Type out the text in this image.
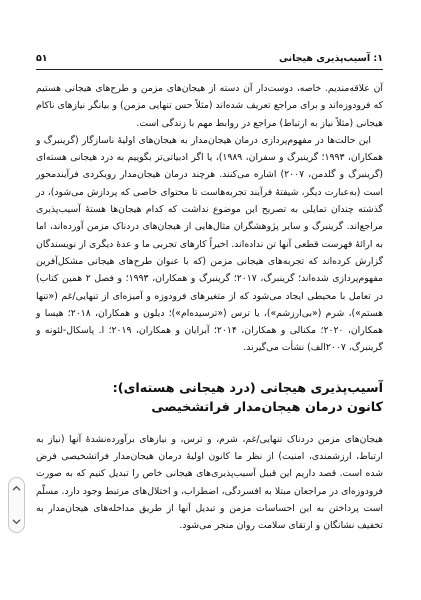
۱: آسیب‌پذیری هیجانی
۵۱

آن علاقه‌مندیم. خاصه، دوست‌دار آن دسته از هیجان‌های مزمن و طرح‌های هیجانی هستیم که فرودوزه‌اند و برای مراجع تعریف شده‌اند (مثلاً حس تنهایی مزمن) و بیانگر نیازهای ناکام هیجانی (مثلاً نیاز به ارتباط) مراجع در روابط مهم با زندگی است.

این حالت‌ها در مفهوم‌پردازی درمان هیجان‌مدار به هیجان‌های اولیهٔ ناسازگار (گرینبرگ و همکاران، ۱۹۹۳؛ گرینبرگ و سفران، ۱۹۸۹)، یا اگر ادبیاتی‌تر بگوییم به درد هیجانی هسته‌ای (گرینبرگ و گلدمن، ۲۰۰۷) اشاره می‌کنند. هرچند درمان هیجان‌مدار رویکردی فرآیندمحور است (به‌عبارت دیگر، شیفتهٔ فرآیند تجربه‌هاست تا محتوای خاصی که پردازش می‌شود)، در گذشته چندان تمایلی به تصریح این موضوع نداشت که کدام هیجان‌ها هستهٔ آسیب‌پذیری مراجع‌اند. گرینبرگ و سایر پژوهشگران مثال‌هایی از هیجان‌های دردناک مزمن آورده‌اند، اما به ارائهٔ فهرست قطعی آنها تن نداده‌اند. اخیراً کارهای تجربی ما و عدهٔ دیگری از نویسندگان گزارش کرده‌اند که تجربه‌های هیجانی مزمن (که با عنوان طرح‌های هیجانی مشکل‌آفرین مفهوم‌پردازی شده‌اند؛ گرینبرگ، ۲۰۱۷؛ گرینبرگ و همکاران، ۱۹۹۳؛ و فصل ۲ همین کتاب) در تعامل با محیطی ایجاد می‌شود که از متغیرهای فرودوزه و آمیزه‌ای از تنهایی/غم («تنها هستم»)، شرم («بی‌ارزشم»)، یا ترس («ترسیده‌ام»)؛ دیلون و همکاران، ۲۰۱۸؛ هیسا و همکاران، ۲۰۲۰؛ مکنالی و همکاران، ۲۰۱۴؛ آبرایان و همکاران، ۲۰۱۹؛ ا. پاسکال-لئونه و گرینبرگ، ۲۰۰۷الف) نشأت می‌گیرند.

آسیب‌پذیری هیجانی (درد هیجانی هسته‌ای):
کانون درمان هیجان‌مدار فراتشخیصی

هیجان‌های مزمن دردناک تنهایی/غم، شرم، و ترس، و نیازهای برآورده‌نشدهٔ آنها (نیاز به ارتباط، ارزشمندی، امنیت) از نظر ما کانون اولیهٔ درمان هیجان‌مدار فراتشخیصی فرض شده است. قصد داریم این قبیل آسیب‌پذیری‌های هیجانی خاص را تبدیل کنیم که به صورت فرودوزه‌ای در مراجعان مبتلا به افسردگی، اضطراب، و اختلال‌های مرتبط وجود دارد. مسلّم است پرداختن به این احساسات مزمن و تبدیل آنها از طریق مداخله‌های هیجان‌مدار به تخفیف نشانگان و ارتقای سلامت روان منجر می‌شود.
